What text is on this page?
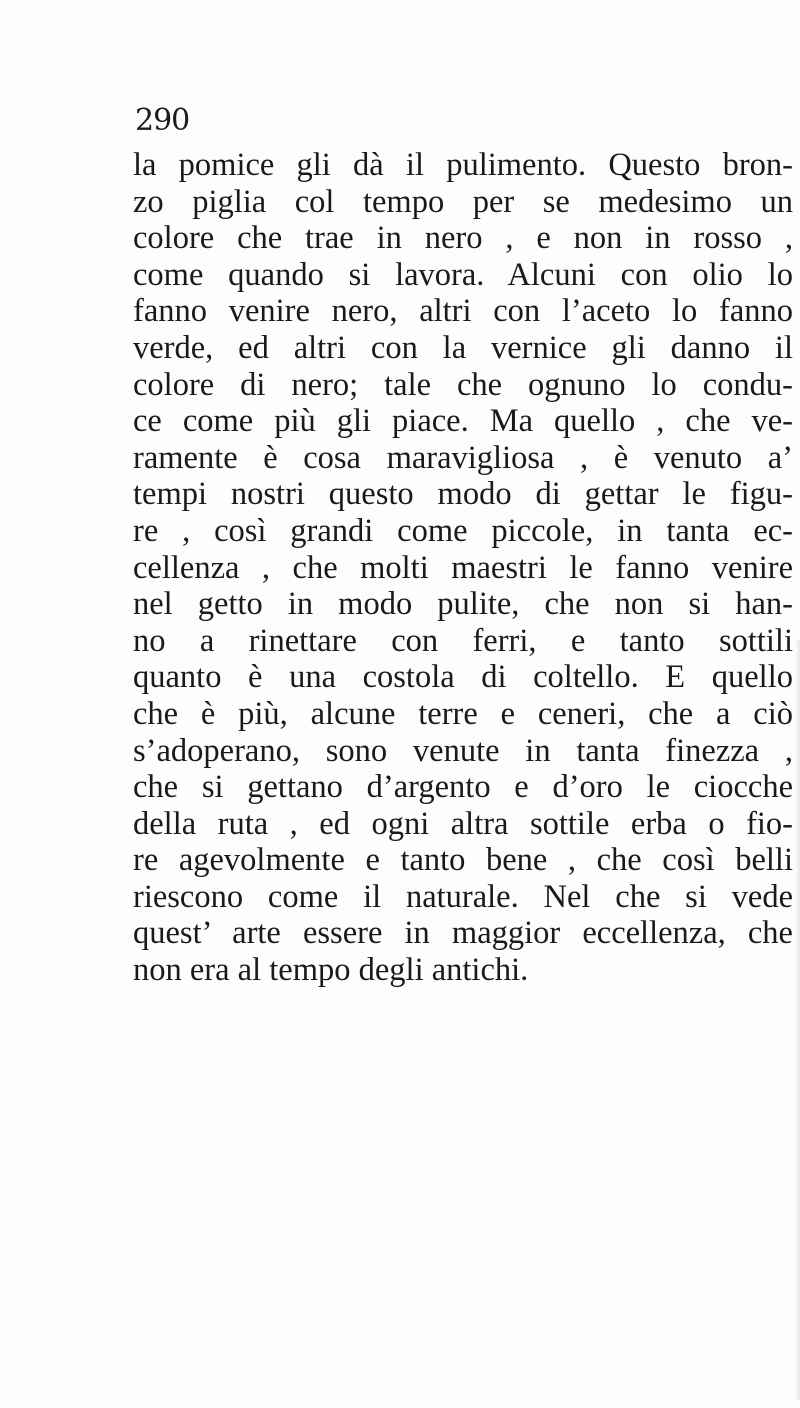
290
la pomice gli dà il pulimento. Questo bron-
zo piglia col tempo per se medesimo un
colore che trae in nero , e non in rosso ,
come quando si lavora. Alcuni con olio lo
fanno venire nero, altri con l’aceto lo fanno
verde, ed altri con la vernice gli danno il
colore di nero; tale che ognuno lo condu-
ce come più gli piace. Ma quello , che ve-
ramente è cosa maravigliosa , è venuto a’
tempi nostri questo modo di gettar le figu-
re , così grandi come piccole, in tanta ec-
cellenza , che molti maestri le fanno venire
nel getto in modo pulite, che non si han-
no a rinettare con ferri, e tanto sottili
quanto è una costola di coltello. E quello
che è più, alcune terre e ceneri, che a ciò
s’adoperano, sono venute in tanta finezza ,
che si gettano d’argento e d’oro le ciocche
della ruta , ed ogni altra sottile erba o fio-
re agevolmente e tanto bene , che così belli
riescono come il naturale. Nel che si vede
quest’ arte essere in maggior eccellenza, che
non era al tempo degli antichi.
